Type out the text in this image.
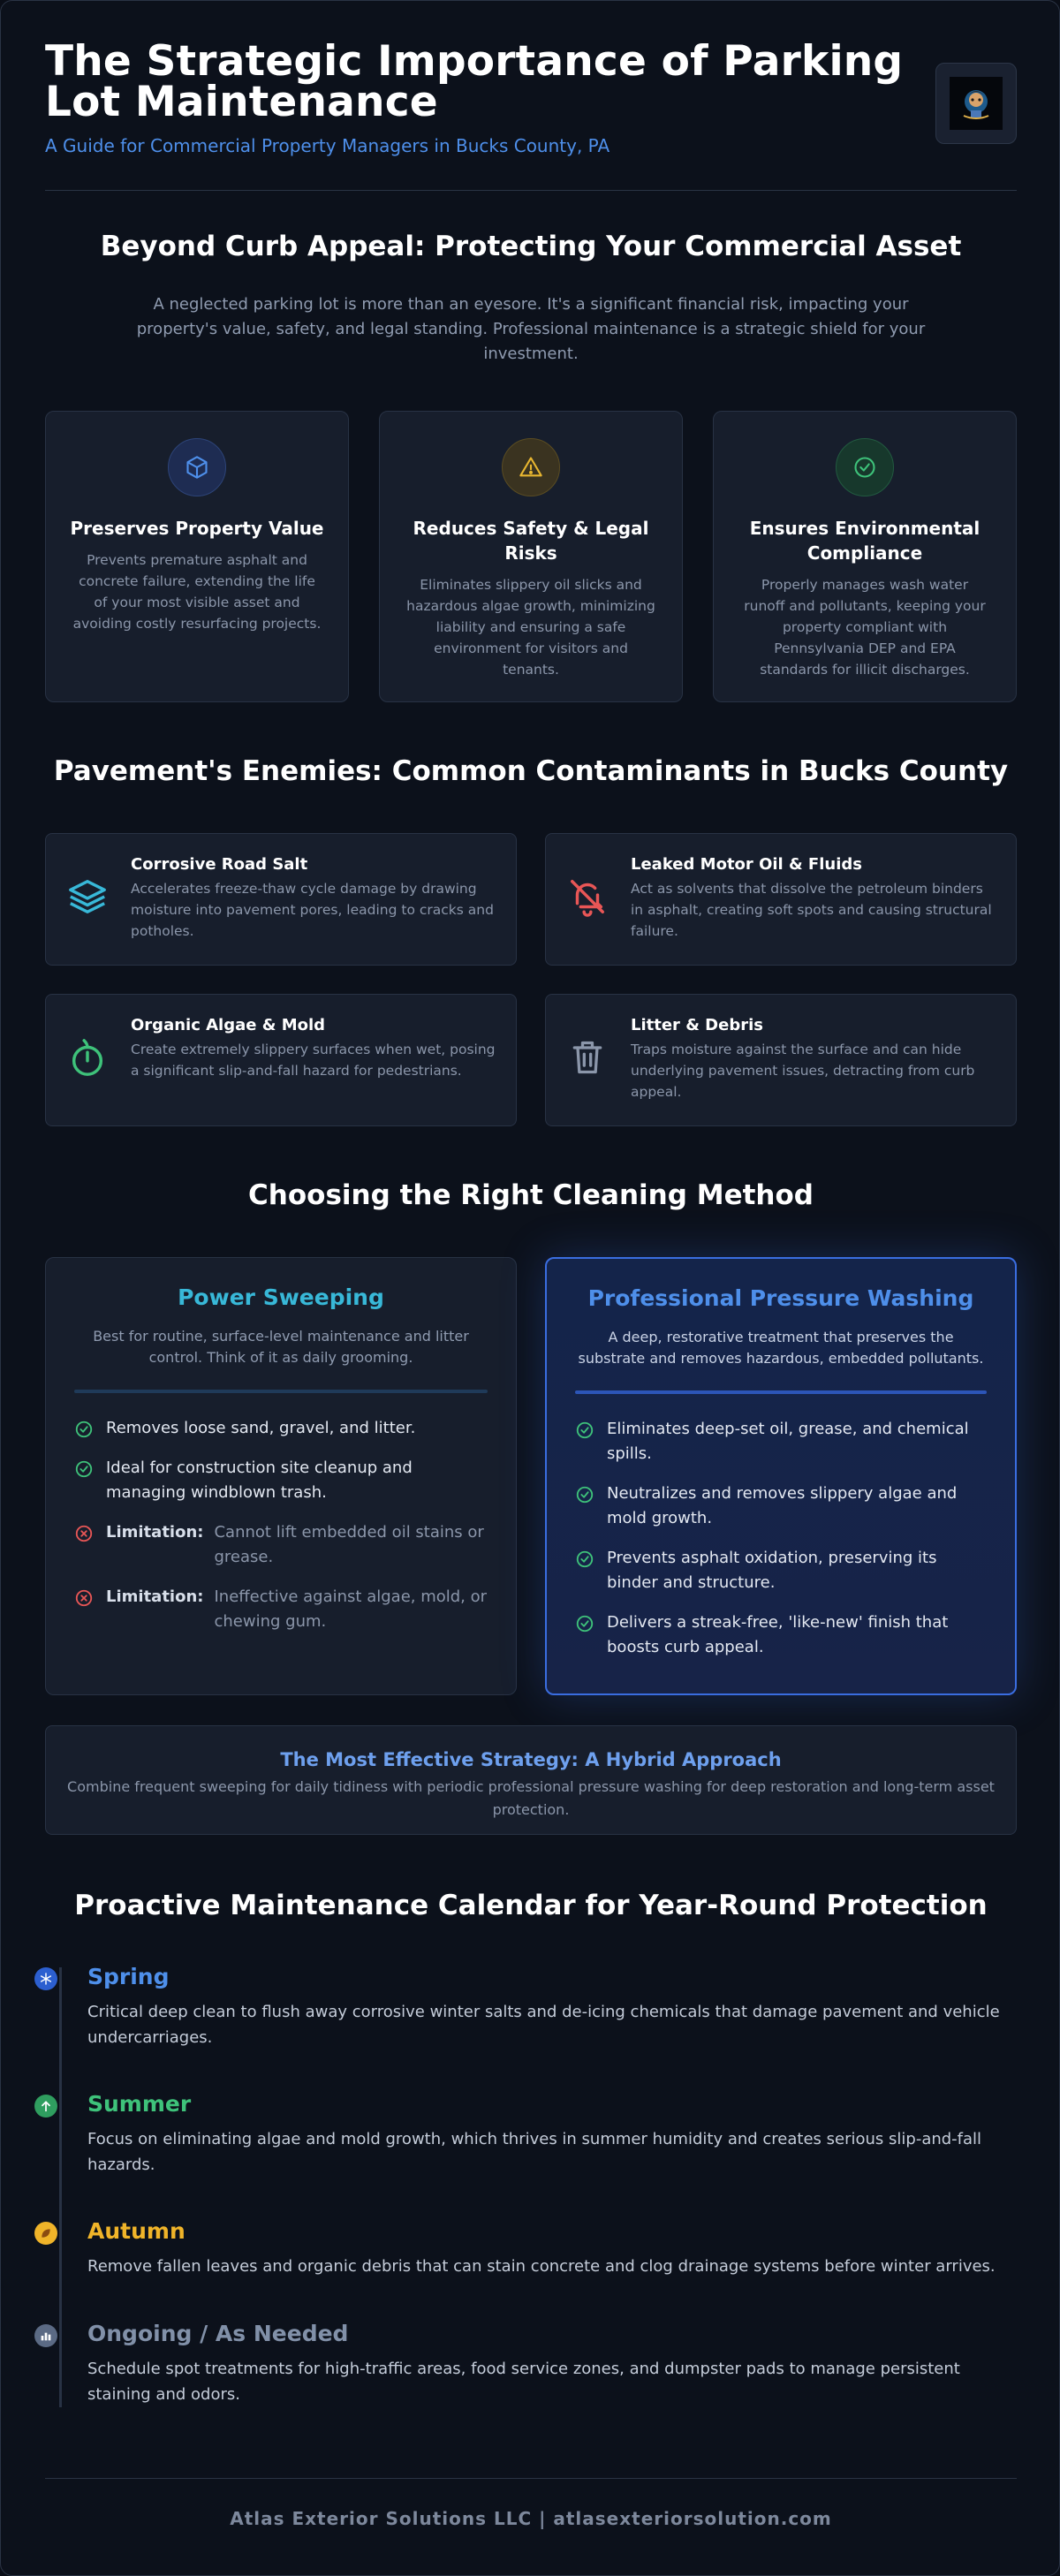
The Strategic Importance of Parking Lot Maintenance
A Guide for Commercial Property Managers in Bucks County, PA
Beyond Curb Appeal: Protecting Your Commercial Asset

A neglected parking lot is more than an eyesore. It's a significant financial risk, impacting your property's value, safety, and legal standing. Professional maintenance is a strategic shield for your investment.

Preserves Property Value
Prevents premature asphalt and concrete failure, extending the life of your most visible asset and avoiding costly resurfacing projects.
Reduces Safety & Legal Risks
Eliminates slippery oil slicks and hazardous algae growth, minimizing liability and ensuring a safe environment for visitors and tenants.
Ensures Environmental Compliance
Properly manages wash water runoff and pollutants, keeping your property compliant with Pennsylvania DEP and EPA standards for illicit discharges.
Pavement's Enemies: Common Contaminants in Bucks County
Corrosive Road Salt
Accelerates freeze-thaw cycle damage by drawing moisture into pavement pores, leading to cracks and potholes.
Leaked Motor Oil & Fluids
Act as solvents that dissolve the petroleum binders in asphalt, creating soft spots and causing structural failure.
Organic Algae & Mold
Create extremely slippery surfaces when wet, posing a significant slip-and-fall hazard for pedestrians.
Litter & Debris
Traps moisture against the surface and can hide underlying pavement issues, detracting from curb appeal.
Choosing the Right Cleaning Method
Power Sweeping
Best for routine, surface-level maintenance and litter control. Think of it as daily grooming.
Removes loose sand, gravel, and litter.
Ideal for construction site cleanup and managing windblown trash.
Limitation: Cannot lift embedded oil stains or grease.
Limitation: Ineffective against algae, mold, or chewing gum.
Professional Pressure Washing
A deep, restorative treatment that preserves the substrate and removes hazardous, embedded pollutants.
Eliminates deep-set oil, grease, and chemical spills.
Neutralizes and removes slippery algae and mold growth.
Prevents asphalt oxidation, preserving its binder and structure.
Delivers a streak-free, 'like-new' finish that boosts curb appeal.
The Most Effective Strategy: A Hybrid Approach
Combine frequent sweeping for daily tidiness with periodic professional pressure washing for deep restoration and long-term asset protection.
Proactive Maintenance Calendar for Year-Round Protection
Spring
Critical deep clean to flush away corrosive winter salts and de-icing chemicals that damage pavement and vehicle undercarriages.
Summer
Focus on eliminating algae and mold growth, which thrives in summer humidity and creates serious slip-and-fall hazards.
Autumn
Remove fallen leaves and organic debris that can stain concrete and clog drainage systems before winter arrives.
Ongoing / As Needed
Schedule spot treatments for high-traffic areas, food service zones, and dumpster pads to manage persistent staining and odors.
Atlas Exterior Solutions LLC | atlasexteriorsolution.com
